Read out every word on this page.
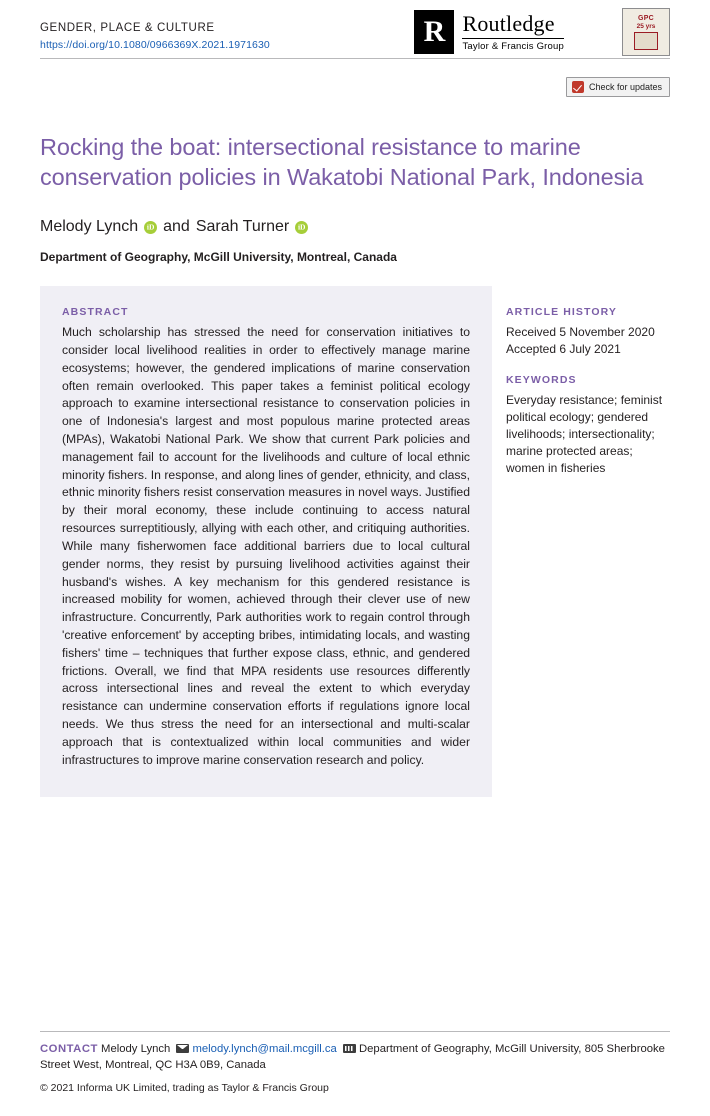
GENDER, PLACE & CULTURE
https://doi.org/10.1080/0966369X.2021.1971630	R Routledge
Taylor & Francis Group
GPC
25 yrs
Check for updates
Rocking the boat: intersectional resistance to marine conservation policies in Wakatobi National Park, Indonesia
Melody Lynch iD and Sarah Turner
iD
Department of Geography, McGill University, Montreal, Canada
ABSTRACT

Much scholarship has stressed the need for conservation initiatives to consider local livelihood realities in order to effectively manage marine ecosystems; however, the gendered implications of marine conservation often remain overlooked. This paper takes a feminist political ecology approach to examine intersectional resistance to conservation policies in one of Indonesia's largest and most populous marine protected areas (MPAs), Wakatobi National Park. We show that current Park policies and management fail to account for the livelihoods and culture of local ethnic minority fishers. In response, and along lines of gender, ethnicity, and class, ethnic minority fishers resist conservation measures in novel ways. Justified by their moral economy, these include continuing to access natural resources surreptitiously, allying with each other, and critiquing authorities. While many fisherwomen face additional barriers due to local cultural gender norms, they resist by pursuing livelihood activities against their husband's wishes. A key mechanism for this gendered resistance is increased mobility for women, achieved through their clever use of new infrastructure. Concurrently, Park authorities work to regain control through 'creative enforcement' by accepting bribes, intimidating locals, and wasting fishers' time – techniques that further expose class, ethnic, and gendered frictions. Overall, we find that MPA residents use resources differently across intersectional lines and reveal the extent to which everyday resistance can undermine conservation efforts if regulations ignore local needs. We thus stress the need for an intersectional and multi-scalar approach that is contextualized within local communities and wider infrastructures to improve marine conservation research and policy.

ARTICLE HISTORY
Received 5 November 2020
Accepted 6 July 2021
KEYWORDS
Everyday resistance; feminist political ecology; gendered livelihoods; intersectionality; marine protected areas; women in fisheries
CONTACT Melody Lynch melody.lynch@mail.mcgill.ca Department of Geography, McGill University, 805 Sherbrooke Street West, Montreal, QC H3A 0B9, Canada
© 2021 Informa UK Limited, trading as Taylor & Francis Group
